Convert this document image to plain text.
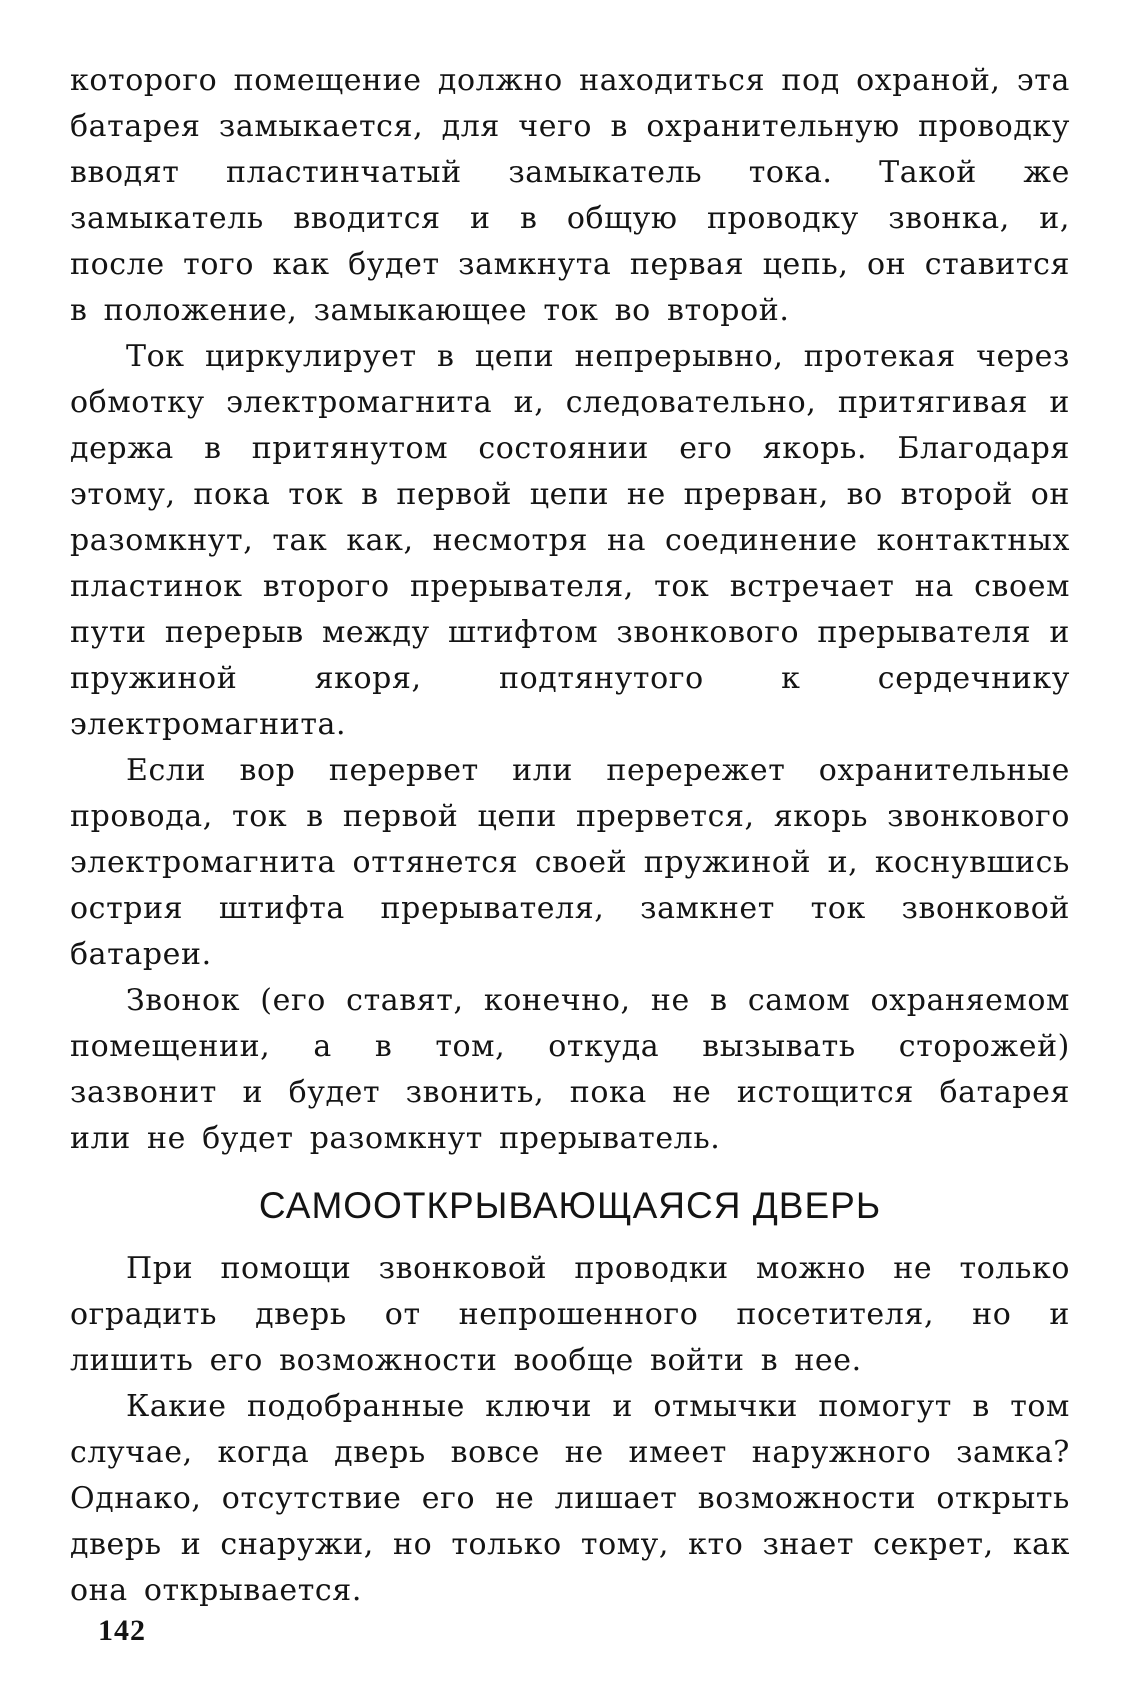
которого помещение должно находиться под охраной, эта батарея замыкается, для чего в охранительную проводку вводят пластинчатый замыкатель тока. Такой же замыкатель вводится и в общую проводку звонка, и, после того как будет замкнута первая цепь, он ставится в положение, замыкающее ток во второй.

Ток циркулирует в цепи непрерывно, протекая через обмотку электромагнита и, следовательно, притягивая и держа в притянутом состоянии его якорь. Благодаря этому, пока ток в первой цепи не прерван, во второй он разомкнут, так как, несмотря на соединение контактных пластинок второго прерывателя, ток встречает на своем пути перерыв между штифтом звонкового прерывателя и пружиной якоря, подтянутого к сердечнику электромагнита.

Если вор перервет или перережет охранительные провода, ток в первой цепи прервется, якорь звонкового электромагнита оттянется своей пружиной и, коснувшись острия штифта прерывателя, замкнет ток звонковой батареи.

Звонок (его ставят, конечно, не в самом охраняемом помещении, а в том, откуда вызывать сторожей) зазвонит и будет звонить, пока не истощится батарея или не будет разомкнут прерыватель.

САМООТКРЫВАЮЩАЯСЯ ДВЕРЬ

При помощи звонковой проводки можно не только оградить дверь от непрошенного посетителя, но и лишить его возможности вообще войти в нее.

Какие подобранные ключи и отмычки помогут в том случае, когда дверь вовсе не имеет наружного замка? Однако, отсутствие его не лишает возможности открыть дверь и снаружи, но только тому, кто знает секрет, как она открывается.

142
